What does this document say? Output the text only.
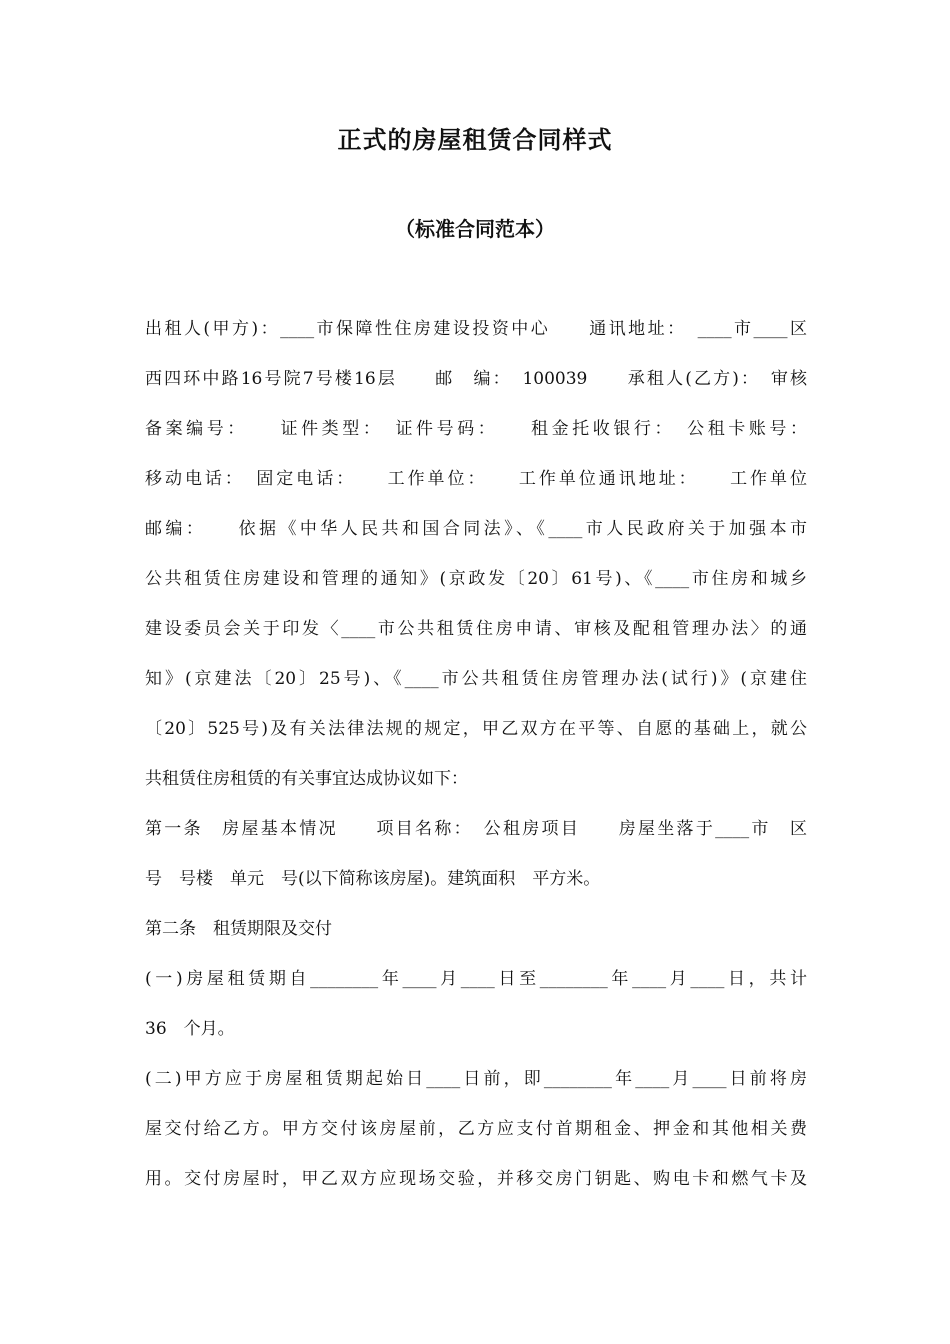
正式的房屋租赁合同样式
（标准合同范本）
出租人(甲方)：____市保障性住房建设投资中心　　通讯地址：　____市____区
西四环中路16号院7号楼16层　　邮　编：　100039　　承租人(乙方)：　审核
备案编号：　　证件类型：　证件号码：　　租金托收银行：　公租卡账号：
移动电话：　固定电话：　　工作单位：　　工作单位通讯地址：　　工作单位
邮编：　　依据《中华人民共和国合同法》、《____市人民政府关于加强本市
公共租赁住房建设和管理的通知》(京政发〔20〕61号)、《____市住房和城乡
建设委员会关于印发〈____市公共租赁住房申请、审核及配租管理办法〉的通
知》(京建法〔20〕25号)、《____市公共租赁住房管理办法(试行)》(京建住
〔20〕525号)及有关法律法规的规定，甲乙双方在平等、自愿的基础上，就公
共租赁住房租赁的有关事宜达成协议如下：
第一条　房屋基本情况　　项目名称：　公租房项目　　房屋坐落于____市　区
号　号楼　单元　号(以下简称该房屋)。建筑面积　平方米。
第二条　租赁期限及交付
(一)房屋租赁期自________年____月____日至________年____月____日，共计
36　个月。
(二)甲方应于房屋租赁期起始日____日前，即________年____月____日前将房
屋交付给乙方。甲方交付该房屋前，乙方应支付首期租金、押金和其他相关费
用。交付房屋时，甲乙双方应现场交验，并移交房门钥匙、购电卡和燃气卡及
